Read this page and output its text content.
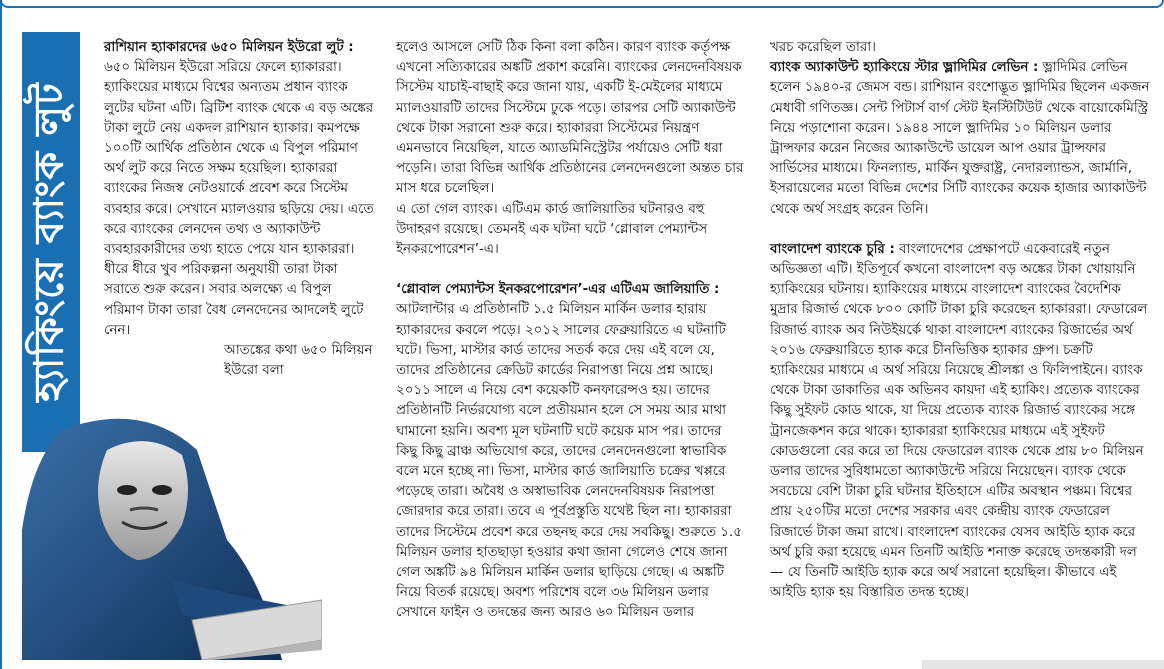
হ্যাকিংয়ে ব্যাংক লুট

রাশিয়ান হ্যাকারদের ৬৫০ মিলিয়ন ইউরো লুট : ৬৫০ মিলিয়ন ইউরো সরিয়ে ফেলে হ্যাকাররা। হ্যাকিংয়ের মাধ্যমে বিশ্বের অন্যতম প্রধান ব্যাংক লুটের ঘটনা এটি। ব্রিটিশ ব্যাংক থেকে এ বড় অঙ্কের টাকা লুটে নেয় একদল রাশিয়ান হ্যাকার। কমপক্ষে ১০০টি আর্থিক প্রতিষ্ঠান থেকে এ বিপুল পরিমাণ অর্থ লুট করে নিতে সক্ষম হয়েছিল। হ্যাকাররা ব্যাংকের নিজস্ব নেটওয়ার্কে প্রবেশ করে সিস্টেম ব্যবহার করে। সেখানে ম্যালওয়ার ছড়িয়ে দেয়। এতে করে ব্যাংকের লেনদেন তথ্য ও অ্যাকাউন্ট ব্যবহারকারীদের তথ্য হাতে পেয়ে যান হ্যাকাররা। ধীরে ধীরে খুব পরিকল্পনা অনুযায়ী তারা টাকা সরাতে শুরু করেন। সবার অলক্ষ্যে এ বিপুল পরিমাণ টাকা তারা বৈধ লেনদেনের আদলেই লুটে নেন।

আতঙ্কের কথা ৬৫০ মিলিয়ন ইউরো বলা

হলেও আসলে সেটি ঠিক কিনা বলা কঠিন। কারণ ব্যাংক কর্তৃপক্ষ এখনো সত্যিকারের অঙ্কটি প্রকাশ করেনি। ব্যাংকের লেনদেনবিষয়ক সিস্টেম যাচাই-বাছাই করে জানা যায়, একটি ই-মেইলের মাধ্যমে ম্যালওয়ারটি তাদের সিস্টেমে ঢুকে পড়ে। তারপর সেটি অ্যাকাউন্ট থেকে টাকা সরানো শুরু করে। হ্যাকাররা সিস্টেমের নিয়ন্ত্রণ এমনভাবে নিয়েছিল, যাতে অ্যাডমিনিস্ট্রেটর পর্যায়েও সেটি ধরা পড়েনি। তারা বিভিন্ন আর্থিক প্রতিষ্ঠানের লেনদেনগুলো অন্তত চার মাস ধরে চলেছিল।

এ তো গেল ব্যাংক। এটিএম কার্ড জালিয়াতির ঘটনারও বহু উদাহরণ রয়েছে। তেমনই এক ঘটনা ঘটে ‘গ্লোবাল পেম্যান্টস ইনকরপোরেশন’-এ।

‘গ্লোবাল পেম্যান্টস ইনকরপোরেশন’-এর এটিএম জালিয়াতি : আটলান্টার এ প্রতিষ্ঠানটি ১.৫ মিলিয়ন মার্কিন ডলার হারায় হ্যাকারদের কবলে পড়ে। ২০১২ সালের ফেব্রুয়ারিতে এ ঘটনাটি ঘটে। ভিসা, মাস্টার কার্ড তাদের সতর্ক করে দেয় এই বলে যে, তাদের প্রতিষ্ঠানের ক্রেডিট কার্ডের নিরাপত্তা নিয়ে প্রশ্ন আছে। ২০১১ সালে এ নিয়ে বেশ কয়েকটি কনফারেন্সও হয়। তাদের প্রতিষ্ঠানটি নির্ভরযোগ্য বলে প্রতীয়মান হলে সে সময় আর মাথা ঘামানো হয়নি। অবশ্য মূল ঘটনাটি ঘটে কয়েক মাস পর। তাদের কিছু কিছু ব্রাঞ্চ অভিযোগ করে, তাদের লেনদেনগুলো স্বাভাবিক বলে মনে হচ্ছে না। ভিসা, মাস্টার কার্ড জালিয়াতি চক্রের খপ্পরে পড়েছে তারা। অবৈধ ও অস্বাভাবিক লেনদেনবিষয়ক নিরাপত্তা জোরদার করে তারা। তবে এ পূর্বপ্রস্তুতি যথেষ্ট ছিল না। হ্যাকাররা তাদের সিস্টেমে প্রবেশ করে তছনছ করে দেয় সবকিছু। শুরুতে ১.৫ মিলিয়ন ডলার হাতছাড়া হওয়ার কথা জানা গেলেও শেষে জানা গেল অঙ্কটি ৯৪ মিলিয়ন মার্কিন ডলার ছাড়িয়ে গেছে। এ অঙ্কটি নিয়ে বিতর্ক রয়েছে। অবশ্য পরিশেষ বলে ৩৬ মিলিয়ন ডলার সেখানে ফাইন ও তদন্তের জন্য আরও ৬০ মিলিয়ন ডলার

খরচ করেছিল তারা।

ব্যাংক অ্যাকাউন্ট হ্যাকিংয়ে স্টার ভ্লাদিমির লেভিন : ভ্লাদিমির লেভিন হলেন ১৯৪০-র জেমস বন্ড। রাশিয়ান বংশোদ্ভূত ভ্লাদিমির ছিলেন একজন মেধাবী গণিতজ্ঞ। সেন্ট পিটার্স বার্গ স্টেট ইনস্টিটিউট থেকে বায়োকেমিস্ট্রি নিয়ে পড়াশোনা করেন। ১৯৪৪ সালে ভ্লাদিমির ১০ মিলিয়ন ডলার ট্রান্সফার করেন নিজের অ্যাকাউন্টে ডায়েল আপ ওয়ার ট্রান্সফার সার্ভিসের মাধ্যমে। ফিনল্যান্ড, মার্কিন যুক্তরাষ্ট্র, নেদারল্যান্ডস, জার্মানি, ইসরায়েলের মতো বিভিন্ন দেশের সিটি ব্যাংকের কয়েক হাজার অ্যাকাউন্ট থেকে অর্থ সংগ্রহ করেন তিনি।

বাংলাদেশ ব্যাংকে চুরি : বাংলাদেশের প্রেক্ষাপটে একেবারেই নতুন অভিজ্ঞতা এটি। ইতিপূর্বে কখনো বাংলাদেশ বড় অঙ্কের টাকা খোয়ায়নি হ্যাকিংয়ের ঘটনায়। হ্যাকিংয়ের মাধ্যমে বাংলাদেশ ব্যাংকের বৈদেশিক মুদ্রার রিজার্ভ থেকে ৮০০ কোটি টাকা চুরি করেছেন হ্যাকাররা। ফেডারেল রিজার্ভ ব্যাংক অব নিউইয়র্কে থাকা বাংলাদেশ ব্যাংকের রিজার্ভের অর্থ ২০১৬ ফেব্রুয়ারিতে হ্যাক করে চীনভিত্তিক হ্যাকার গ্রুপ। চক্রটি হ্যাকিংয়ের মাধ্যমে এ অর্থ সরিয়ে নিয়েছে শ্রীলঙ্কা ও ফিলিপাইনে। ব্যাংক থেকে টাকা ডাকাতির এক অভিনব কায়দা এই হ্যাকিং। প্রত্যেক ব্যাংকের কিছু সুইফট কোড থাকে, যা দিয়ে প্রত্যেক ব্যাংক রিজার্ভ ব্যাংকের সঙ্গে ট্রানজেকশন করে থাকে। হ্যাকাররা হ্যাকিংয়ের মাধ্যমে এই সুইফট কোডগুলো বের করে তা দিয়ে ফেডারেল ব্যাংক থেকে প্রায় ৮০ মিলিয়ন ডলার তাদের সুবিধামতো অ্যাকাউন্টে সরিয়ে নিয়েছেন। ব্যাংক থেকে সবচেয়ে বেশি টাকা চুরি ঘটনার ইতিহাসে এটির অবস্থান পঞ্চম। বিশ্বের প্রায় ২৫০টির মতো দেশের সরকার এবং কেন্দ্রীয় ব্যাংক ফেডারেল রিজার্ভে টাকা জমা রাখে। বাংলাদেশ ব্যাংকের যেসব আইডি হ্যাক করে অর্থ চুরি করা হয়েছে এমন তিনটি আইডি শনাক্ত করেছে তদন্তকারী দল— যে তিনটি আইডি হ্যাক করে অর্থ সরানো হয়েছিল। কীভাবে এই আইডি হ্যাক হয় বিস্তারিত তদন্ত হচ্ছে।
